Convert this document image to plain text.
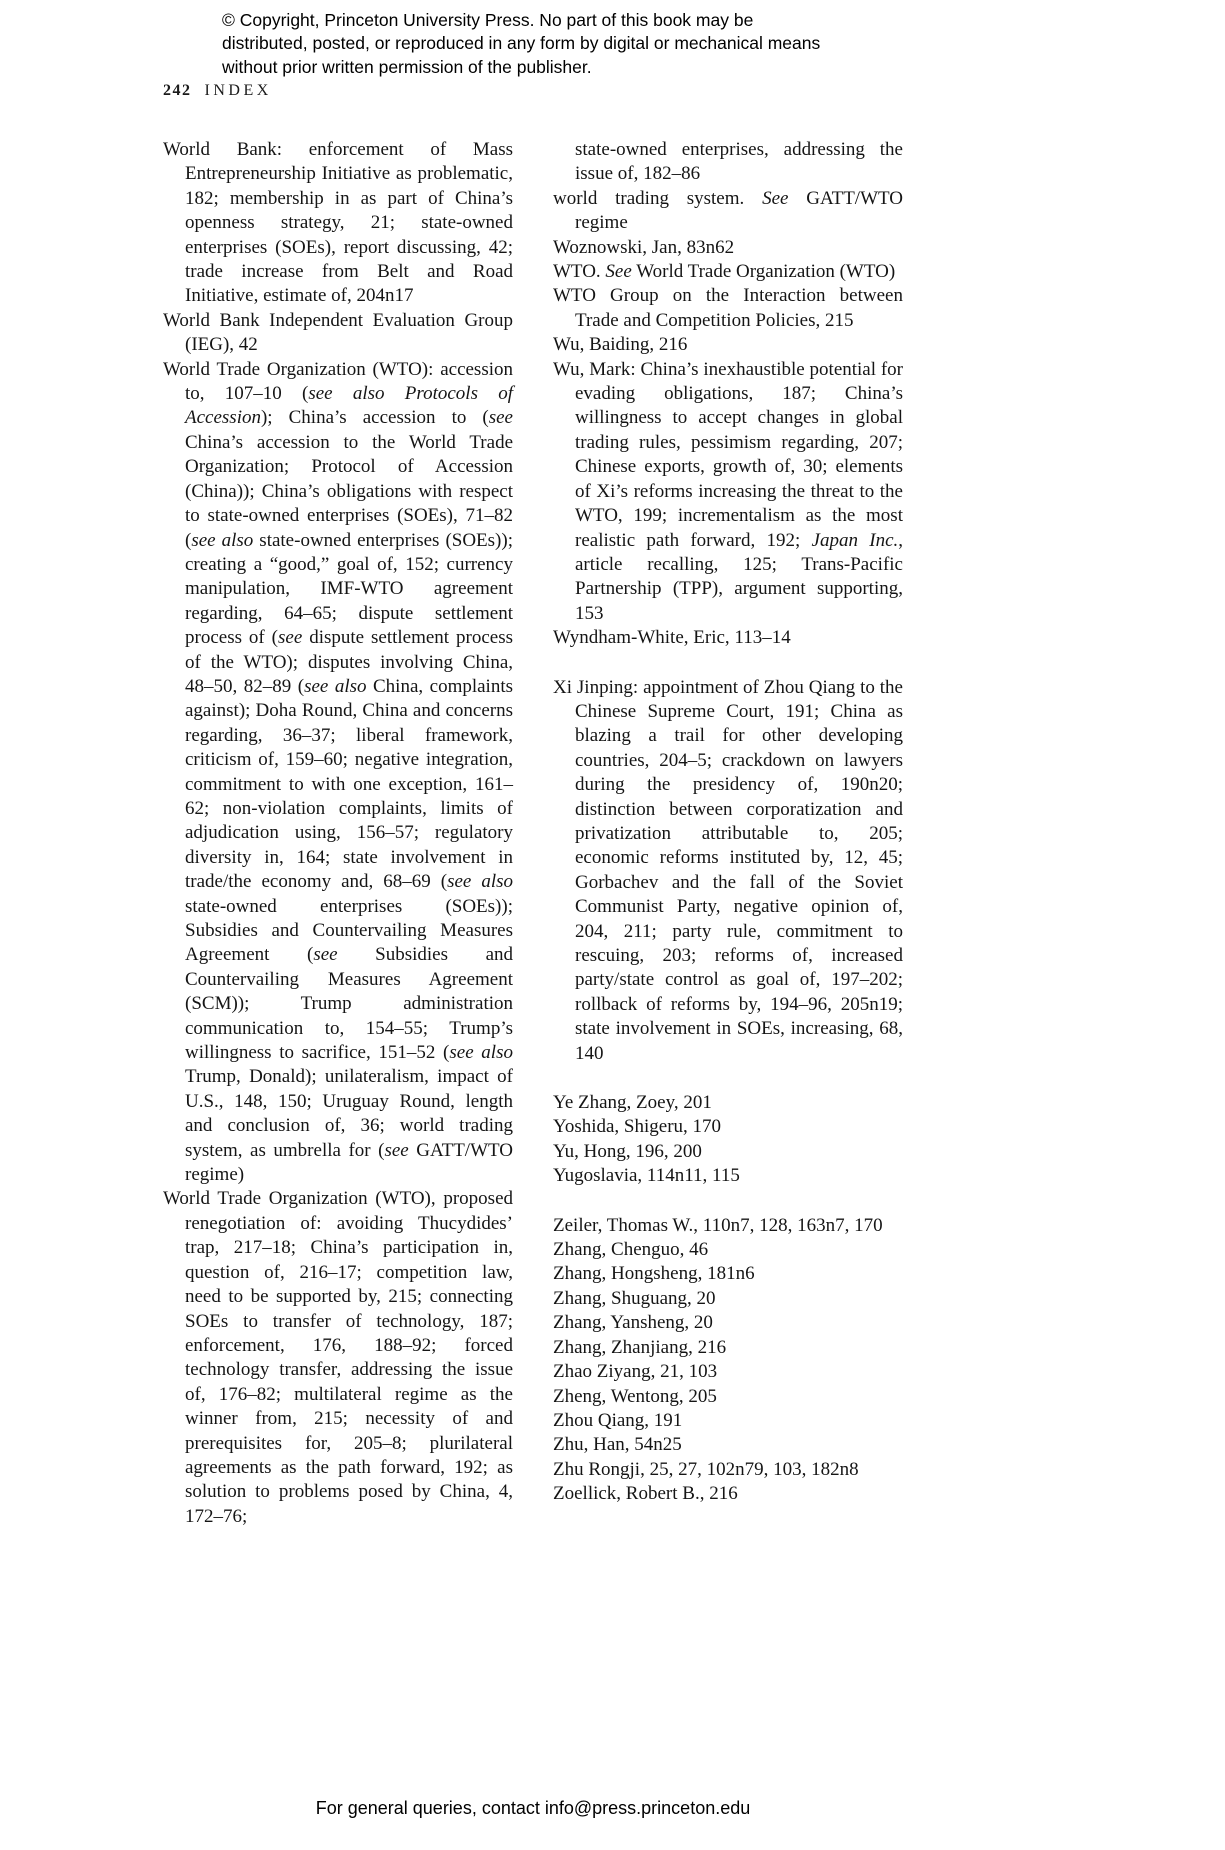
© Copyright, Princeton University Press. No part of this book may be distributed, posted, or reproduced in any form by digital or mechanical means without prior written permission of the publisher.
242 INDEX

World Bank: enforcement of Mass Entrepreneurship Initiative as problematic, 182; membership in as part of China’s openness strategy, 21; state-owned enterprises (SOEs), report discussing, 42; trade increase from Belt and Road Initiative, estimate of, 204n17

World Bank Independent Evaluation Group (IEG), 42

World Trade Organization (WTO): accession to, 107–10 (see also Protocols of Accession); China’s accession to (see China’s accession to the World Trade Organization; Protocol of Accession (China)); China’s obligations with respect to state-owned enterprises (SOEs), 71–82 (see also state-owned enterprises (SOEs)); creating a “good,” goal of, 152; currency manipulation, IMF-WTO agreement regarding, 64–65; dispute settlement process of (see dispute settlement process of the WTO); disputes involving China, 48–50, 82–89 (see also China, complaints against); Doha Round, China and concerns regarding, 36–37; liberal framework, criticism of, 159–60; negative integration, commitment to with one exception, 161–62; non-violation complaints, limits of adjudication using, 156–57; regulatory diversity in, 164; state involvement in trade/the economy and, 68–69 (see also state-owned enterprises (SOEs)); Subsidies and Countervailing Measures Agreement (see Subsidies and Countervailing Measures Agreement (SCM)); Trump administration communication to, 154–55; Trump’s willingness to sacrifice, 151–52 (see also Trump, Donald); unilateralism, impact of U.S., 148, 150; Uruguay Round, length and conclusion of, 36; world trading system, as umbrella for (see GATT/WTO regime)

World Trade Organization (WTO), proposed renegotiation of: avoiding Thucydides’ trap, 217–18; China’s participation in, question of, 216–17; competition law, need to be supported by, 215; connecting SOEs to transfer of technology, 187; enforcement, 176, 188–92; forced technology transfer, addressing the issue of, 176–82; multilateral regime as the winner from, 215; necessity of and prerequisites for, 205–8; plurilateral agreements as the path forward, 192; as solution to problems posed by China, 4, 172–76;

state-owned enterprises, addressing the issue of, 182–86

world trading system. See GATT/WTO regime

Woznowski, Jan, 83n62

WTO. See World Trade Organization (WTO)

WTO Group on the Interaction between Trade and Competition Policies, 215

Wu, Baiding, 216

Wu, Mark: China’s inexhaustible potential for evading obligations, 187; China’s willingness to accept changes in global trading rules, pessimism regarding, 207; Chinese exports, growth of, 30; elements of Xi’s reforms increasing the threat to the WTO, 199; incrementalism as the most realistic path forward, 192; Japan Inc., article recalling, 125; Trans-Pacific Partnership (TPP), argument supporting, 153

Wyndham-White, Eric, 113–14

Xi Jinping: appointment of Zhou Qiang to the Chinese Supreme Court, 191; China as blazing a trail for other developing countries, 204–5; crackdown on lawyers during the presidency of, 190n20; distinction between corporatization and privatization attributable to, 205; economic reforms instituted by, 12, 45; Gorbachev and the fall of the Soviet Communist Party, negative opinion of, 204, 211; party rule, commitment to rescuing, 203; reforms of, increased party/state control as goal of, 197–202; rollback of reforms by, 194–96, 205n19; state involvement in SOEs, increasing, 68, 140

Ye Zhang, Zoey, 201

Yoshida, Shigeru, 170

Yu, Hong, 196, 200

Yugoslavia, 114n11, 115

Zeiler, Thomas W., 110n7, 128, 163n7, 170

Zhang, Chenguo, 46

Zhang, Hongsheng, 181n6

Zhang, Shuguang, 20

Zhang, Yansheng, 20

Zhang, Zhanjiang, 216

Zhao Ziyang, 21, 103

Zheng, Wentong, 205

Zhou Qiang, 191

Zhu, Han, 54n25

Zhu Rongji, 25, 27, 102n79, 103, 182n8

Zoellick, Robert B., 216

For general queries, contact info@press.princeton.edu
